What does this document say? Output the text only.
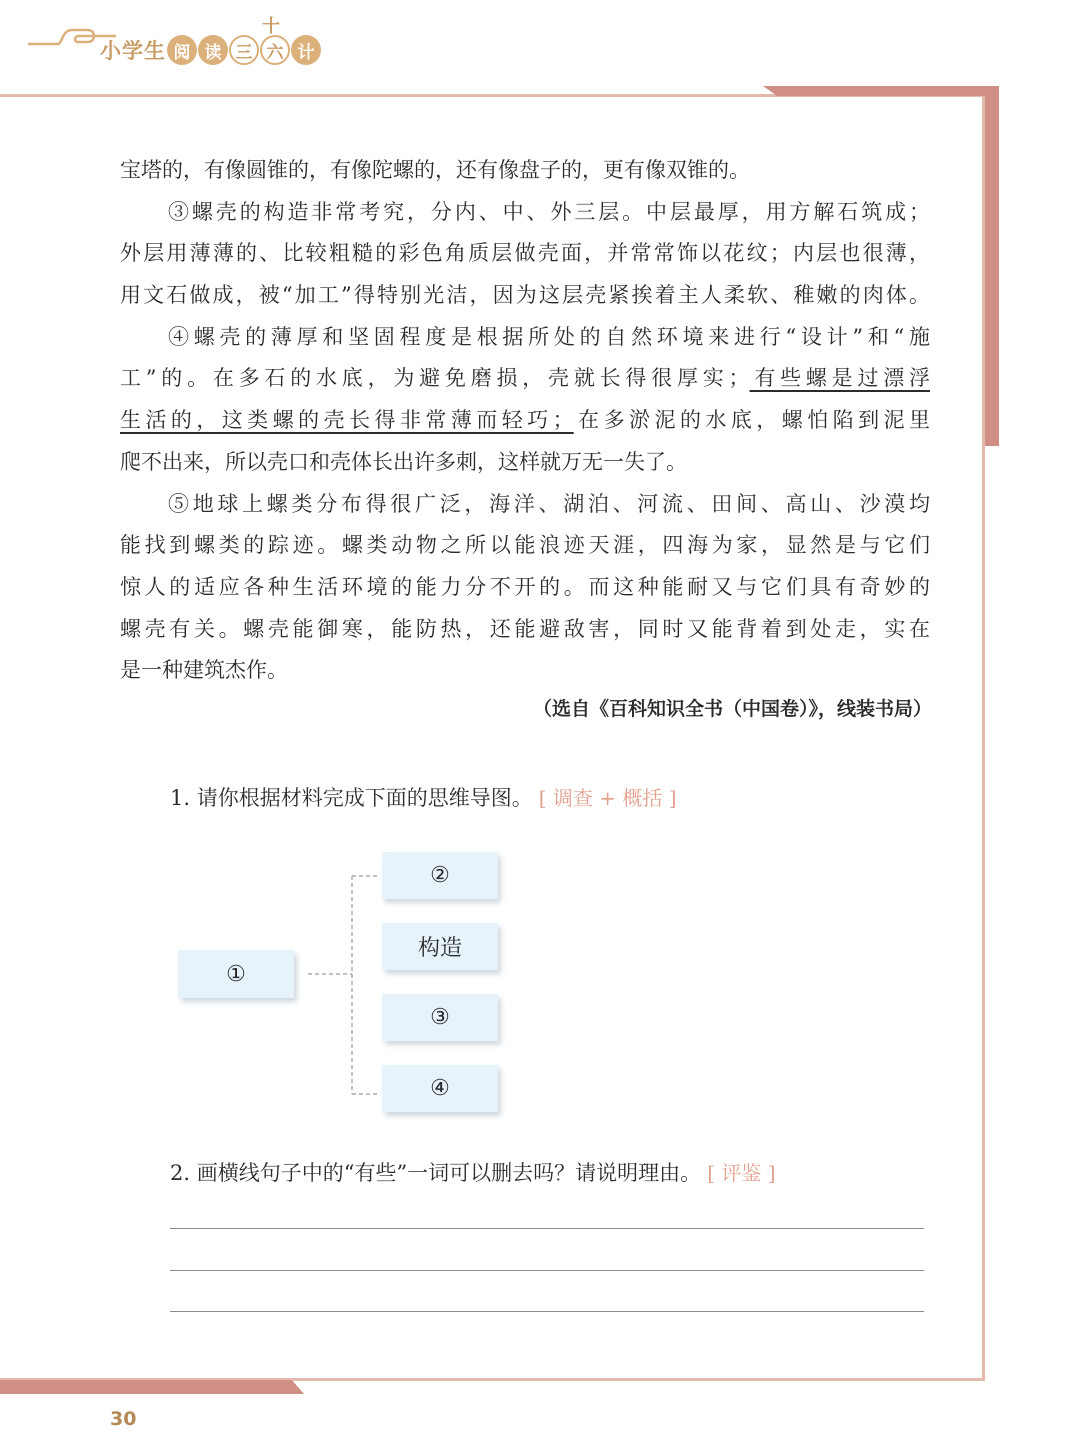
小学生 阅 读 三 六 计
十
宝塔的，有像圆锥的，有像陀螺的，还有像盘子的，更有像双锥的。
③螺壳的构造非常考究，分内、中、外三层。中层最厚，用方解石筑成；
外层用薄薄的、比较粗糙的彩色角质层做壳面，并常常饰以花纹；内层也很薄，
用文石做成，被“加工”得特别光洁，因为这层壳紧挨着主人柔软、稚嫩的肉体。
④螺壳的薄厚和坚固程度是根据所处的自然环境来进行“设计”和“施
工”的。在多石的水底，为避免磨损，壳就长得很厚实；有些螺是过漂浮
生活的，这类螺的壳长得非常薄而轻巧；在多淤泥的水底，螺怕陷到泥里
爬不出来，所以壳口和壳体长出许多刺，这样就万无一失了。
⑤地球上螺类分布得很广泛，海洋、湖泊、河流、田间、高山、沙漠均
能找到螺类的踪迹。螺类动物之所以能浪迹天涯，四海为家，显然是与它们
惊人的适应各种生活环境的能力分不开的。而这种能耐又与它们具有奇妙的
螺壳有关。螺壳能御寒，能防热，还能避敌害，同时又能背着到处走，实在
是一种建筑杰作。
（选自《百科知识全书（中国卷）》，线装书局）
1. 请你根据材料完成下面的思维导图。 [ 调查 + 概括 ]
①
②
构造
③
④
2. 画横线句子中的“有些”一词可以删去吗？请说明理由。 [ 评鉴 ]
30
